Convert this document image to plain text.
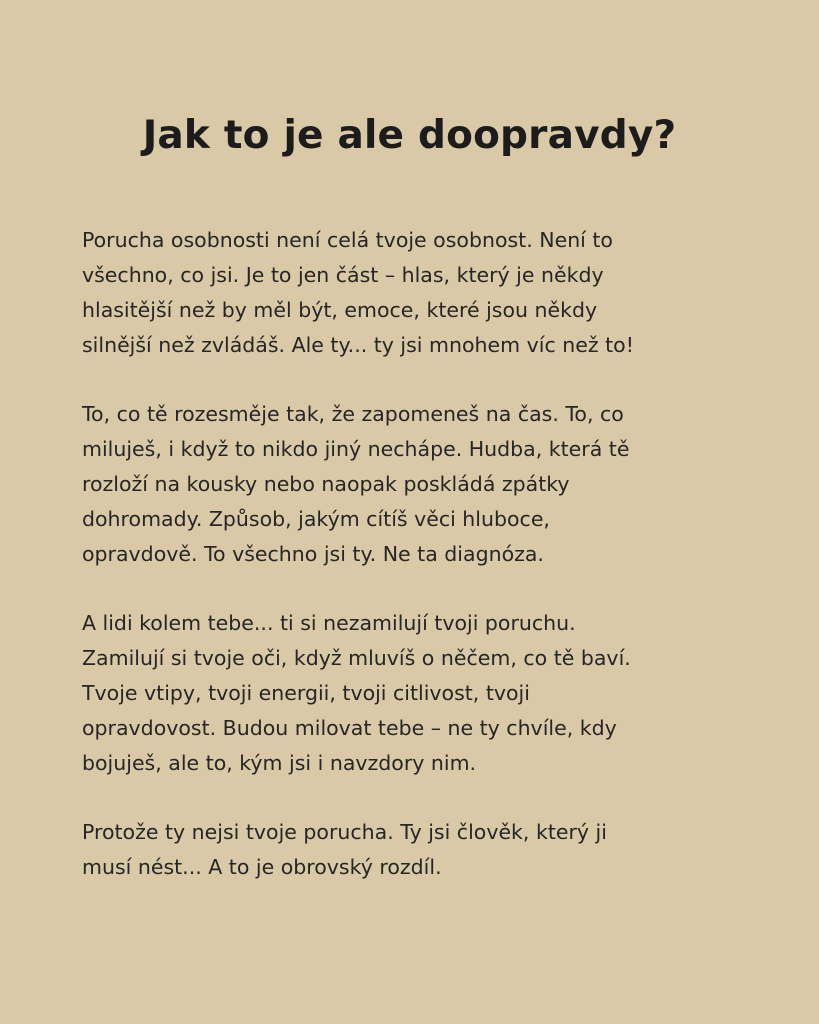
Jak to je ale doopravdy?

Porucha osobnosti není celá tvoje osobnost. Není to
všechno, co jsi. Je to jen část – hlas, který je někdy
hlasitější než by měl být, emoce, které jsou někdy
silnější než zvládáš. Ale ty... ty jsi mnohem víc než to!

To, co tě rozesměje tak, že zapomeneš na čas. To, co
miluješ, i když to nikdo jiný nechápe. Hudba, která tě
rozloží na kousky nebo naopak poskládá zpátky
dohromady. Způsob, jakým cítíš věci hluboce,
opravdově. To všechno jsi ty. Ne ta diagnóza.

A lidi kolem tebe... ti si nezamilují tvoji poruchu.
Zamilují si tvoje oči, když mluvíš o něčem, co tě baví.
Tvoje vtipy, tvoji energii, tvoji citlivost, tvoji
opravdovost. Budou milovat tebe – ne ty chvíle, kdy
bojuješ, ale to, kým jsi i navzdory nim.

Protože ty nejsi tvoje porucha. Ty jsi člověk, který ji
musí nést... A to je obrovský rozdíl.
